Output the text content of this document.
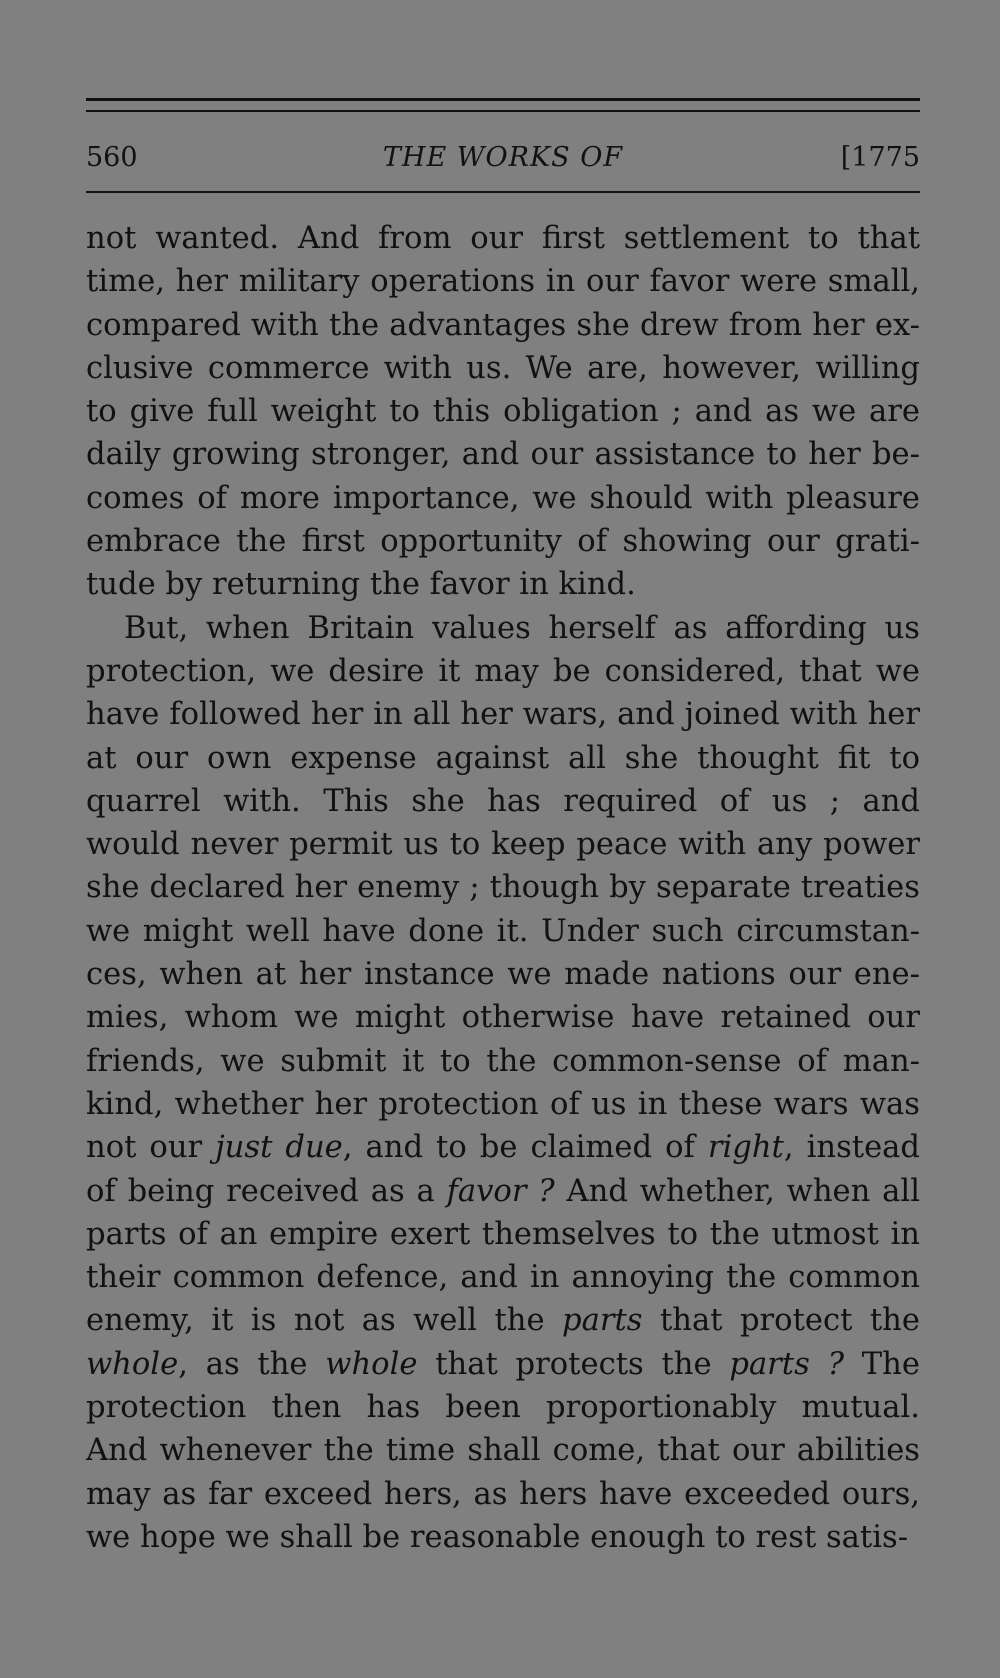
560	THE WORKS OF	[1775
not wanted. And from our first settlement to that
time, her military operations in our favor were small,
compared with the advantages she drew from her ex-
clusive commerce with us. We are, however, willing
to give full weight to this obligation ; and as we are
daily growing stronger, and our assistance to her be-
comes of more importance, we should with pleasure
embrace the first opportunity of showing our grati-
tude by returning the favor in kind.
But, when Britain values herself as affording us
protection, we desire it may be considered, that we
have followed her in all her wars, and joined with her
at our own expense against all she thought fit to
quarrel with. This she has required of us ; and
would never permit us to keep peace with any power
she declared her enemy ; though by separate treaties
we might well have done it. Under such circumstan-
ces, when at her instance we made nations our ene-
mies, whom we might otherwise have retained our
friends, we submit it to the common-sense of man-
kind, whether her protection of us in these wars was
not our just due, and to be claimed of right, instead
of being received as a favor ? And whether, when all
parts of an empire exert themselves to the utmost in
their common defence, and in annoying the common
enemy, it is not as well the parts that protect the
whole, as the whole that protects the parts ? The
protection then has been proportionably mutual.
And whenever the time shall come, that our abilities
may as far exceed hers, as hers have exceeded ours,
we hope we shall be reasonable enough to rest satis-
